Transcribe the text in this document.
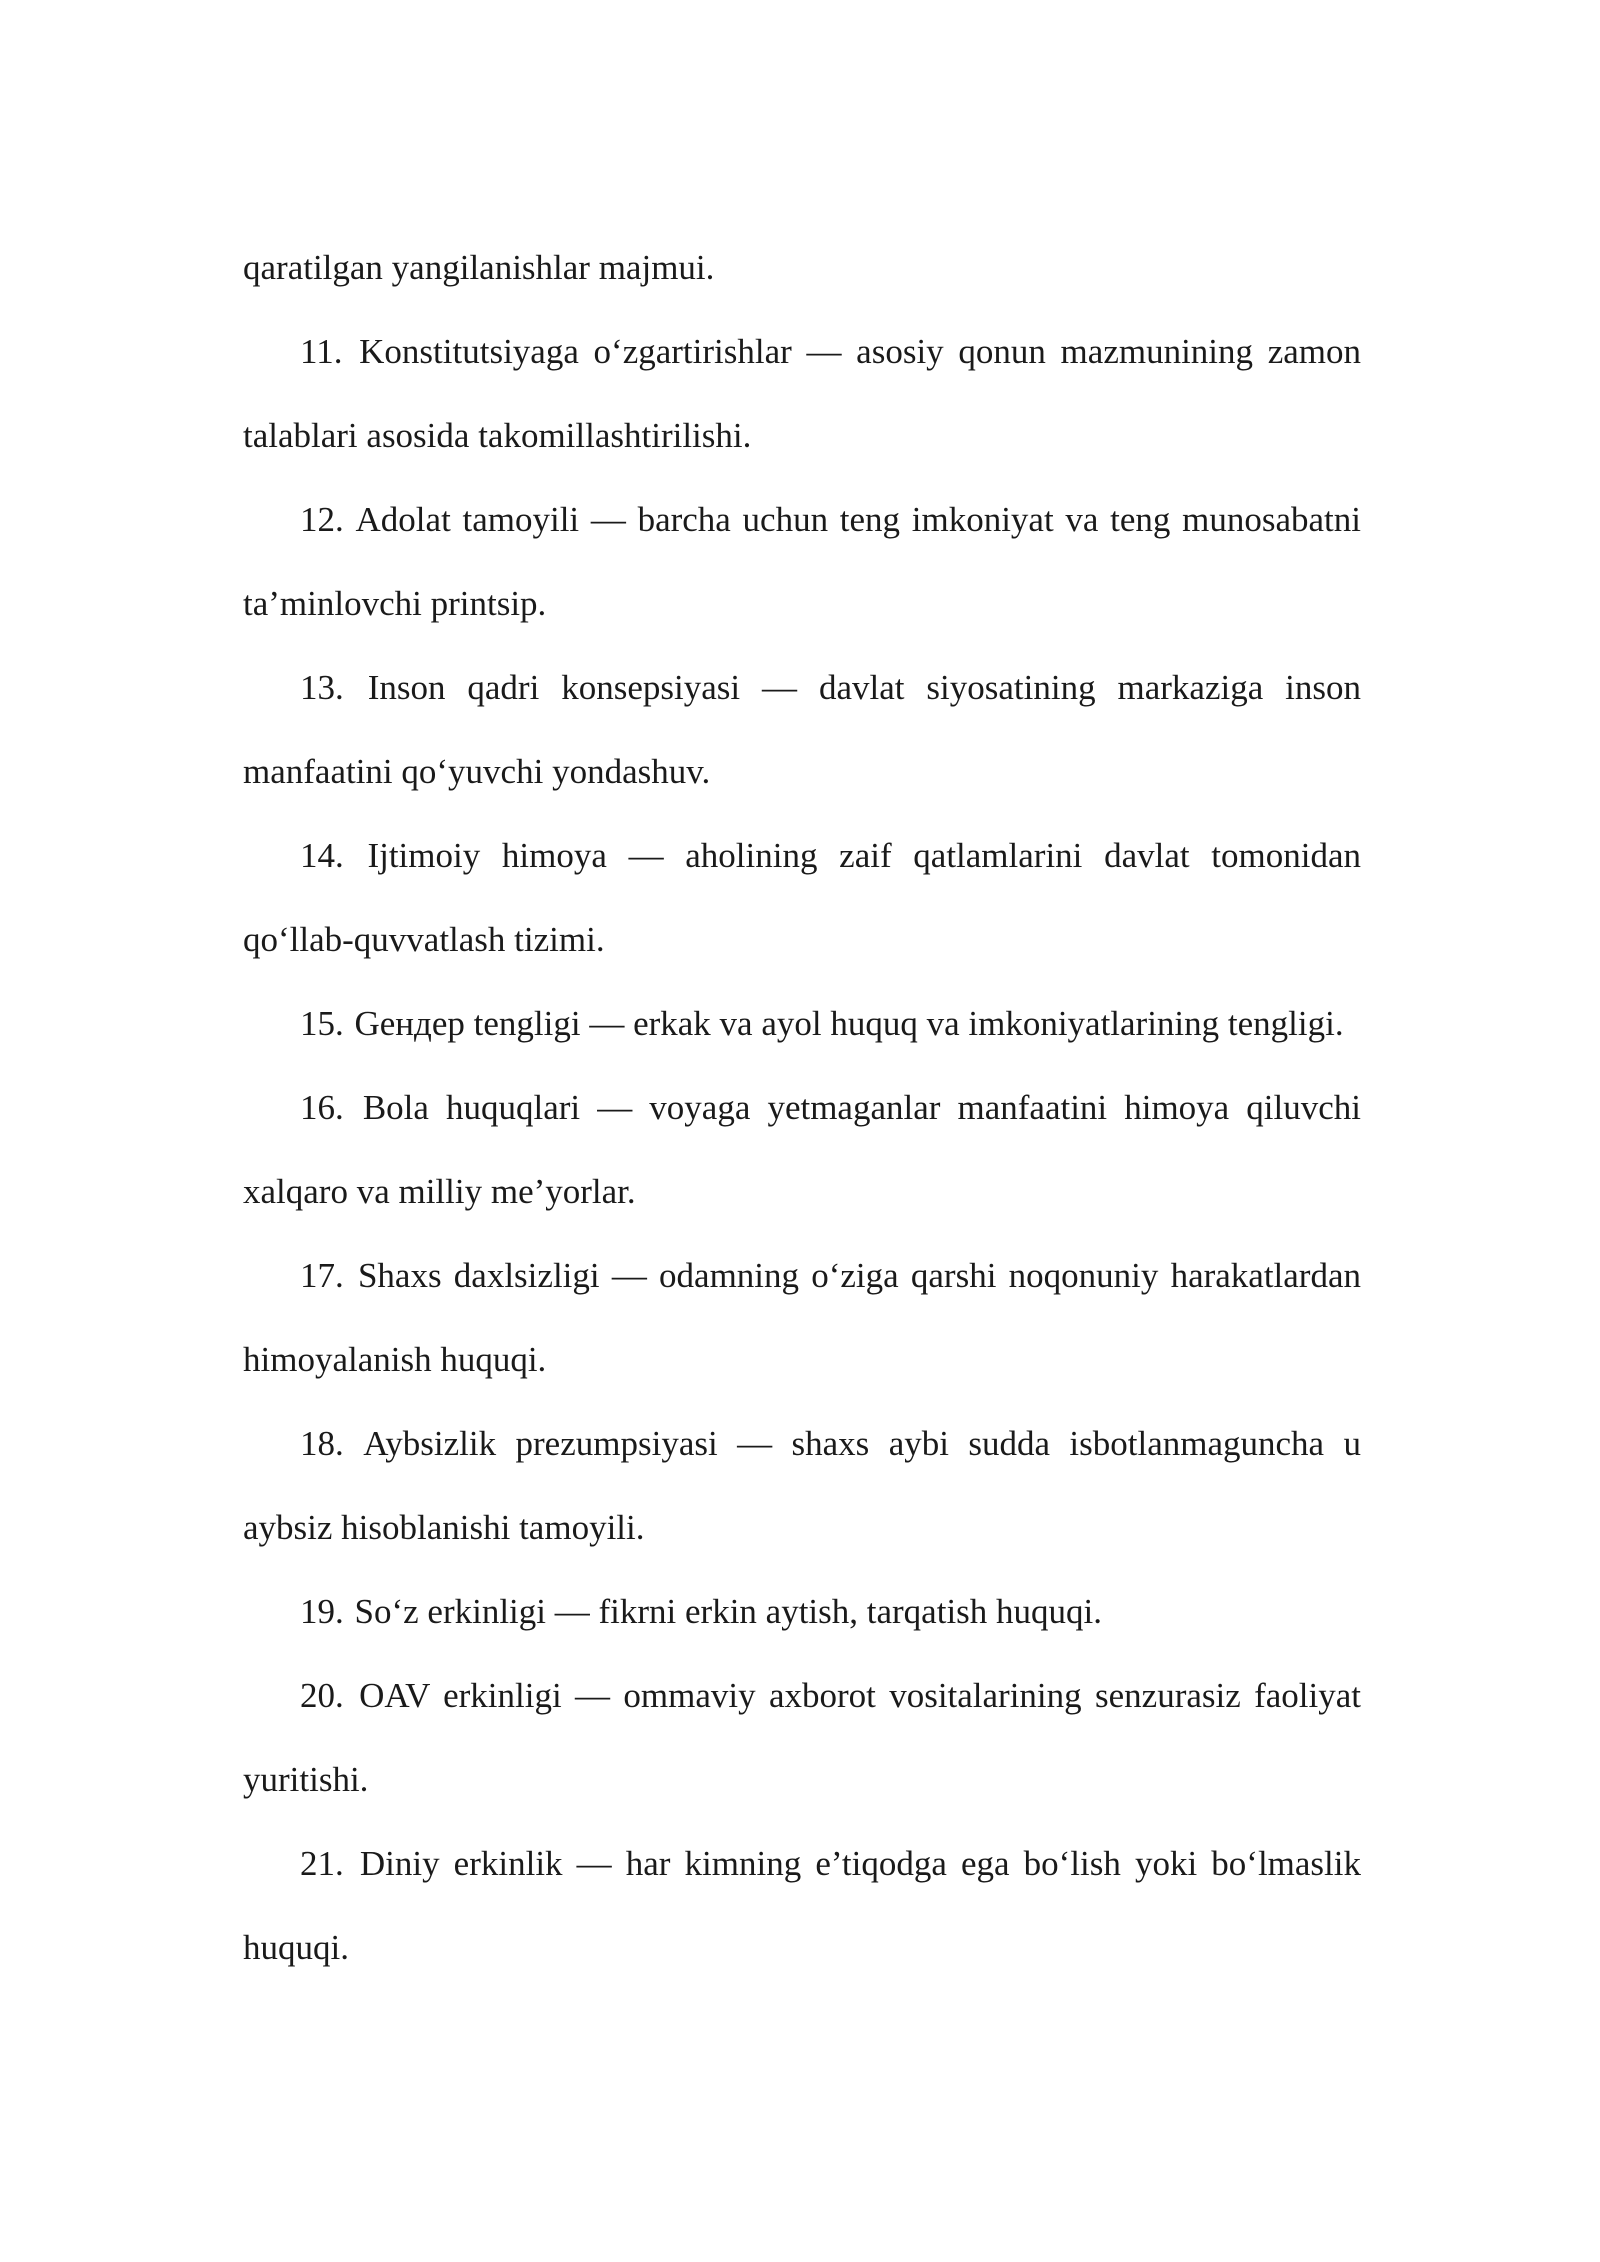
qaratilgan yangilanishlar majmui.

11. Konstitutsiyaga o‘zgartirishlar — asosiy qonun mazmunining zamon talablari asosida takomillashtirilishi.

12. Adolat tamoyili — barcha uchun teng imkoniyat va teng munosabatni ta’minlovchi printsip.

13. Inson qadri konsepsiyasi — davlat siyosatining markaziga inson manfaatini qo‘yuvchi yondashuv.

14. Ijtimoiy himoya — aholining zaif qatlamlarini davlat tomonidan qo‘llab-quvvatlash tizimi.

15. Gендер tengligi — erkak va ayol huquq va imkoniyatlarining tengligi.

16. Bola huquqlari — voyaga yetmaganlar manfaatini himoya qiluvchi xalqaro va milliy me’yorlar.

17. Shaxs daxlsizligi — odamning o‘ziga qarshi noqonuniy harakatlardan himoyalanish huquqi.

18. Aybsizlik prezumpsiyasi — shaxs aybi sudda isbotlanmaguncha u aybsiz hisoblanishi tamoyili.

19. So‘z erkinligi — fikrni erkin aytish, tarqatish huquqi.

20. OAV erkinligi — ommaviy axborot vositalarining senzurasiz faoliyat yuritishi.

21. Diniy erkinlik — har kimning e’tiqodga ega bo‘lish yoki bo‘lmaslik huquqi.
